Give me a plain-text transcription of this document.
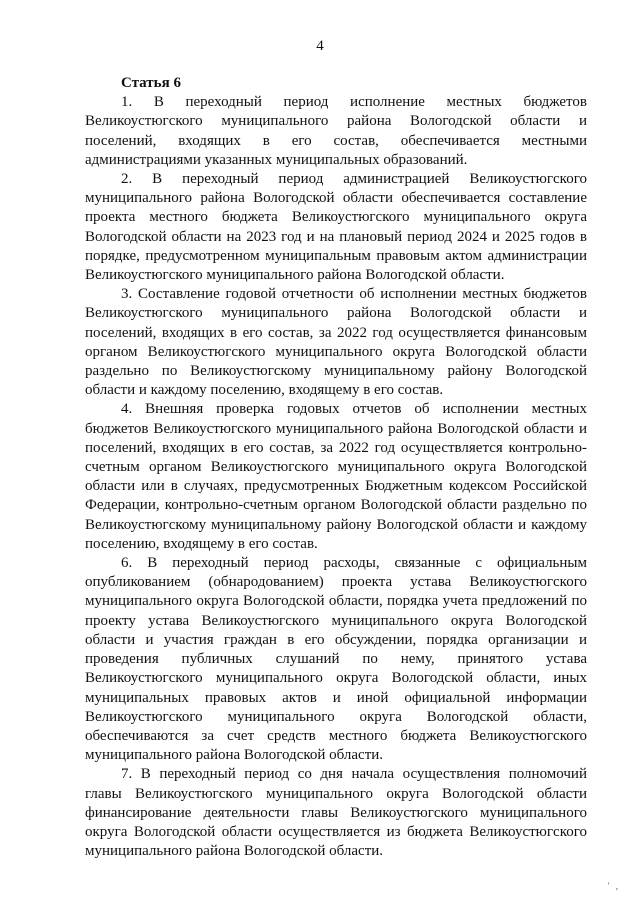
4

Статья 6

1. В переходный период исполнение местных бюджетов Великоустюгского муниципального района Вологодской области и поселений, входящих в его состав, обеспечивается местными администрациями указанных муниципальных образований.

2. В переходный период администрацией Великоустюгского муниципального района Вологодской области обеспечивается составление проекта местного бюджета Великоустюгского муниципального округа Вологодской области на 2023 год и на плановый период 2024 и 2025 годов в порядке, предусмотренном муниципальным правовым актом администрации Великоустюгского муниципального района Вологодской области.

3. Составление годовой отчетности об исполнении местных бюджетов Великоустюгского муниципального района Вологодской области и поселений, входящих в его состав, за 2022 год осуществляется финансовым органом Великоустюгского муниципального округа Вологодской области раздельно по Великоустюгскому муниципальному району Вологодской области и каждому поселению, входящему в его состав.

4. Внешняя проверка годовых отчетов об исполнении местных бюджетов Великоустюгского муниципального района Вологодской области и поселений, входящих в его состав, за 2022 год осуществляется контрольно-счетным органом Великоустюгского муниципального округа Вологодской области или в случаях, предусмотренных Бюджетным кодексом Российской Федерации, контрольно-счетным органом Вологодской области раздельно по Великоустюгскому муниципальному району Вологодской области и каждому поселению, входящему в его состав.

6. В переходный период расходы, связанные с официальным опубликованием (обнародованием) проекта устава Великоустюгского муниципального округа Вологодской области, порядка учета предложений по проекту устава Великоустюгского муниципального округа Вологодской области и участия граждан в его обсуждении, порядка организации и проведения публичных слушаний по нему, принятого устава Великоустюгского муниципального округа Вологодской области, иных муниципальных правовых актов и иной официальной информации Великоустюгского муниципального округа Вологодской области, обеспечиваются за счет средств местного бюджета Великоустюгского муниципального района Вологодской области.

7. В переходный период со дня начала осуществления полномочий главы Великоустюгского муниципального округа Вологодской области финансирование деятельности главы Великоустюгского муниципального округа Вологодской области осуществляется из бюджета Великоустюгского муниципального района Вологодской области.

' ,
